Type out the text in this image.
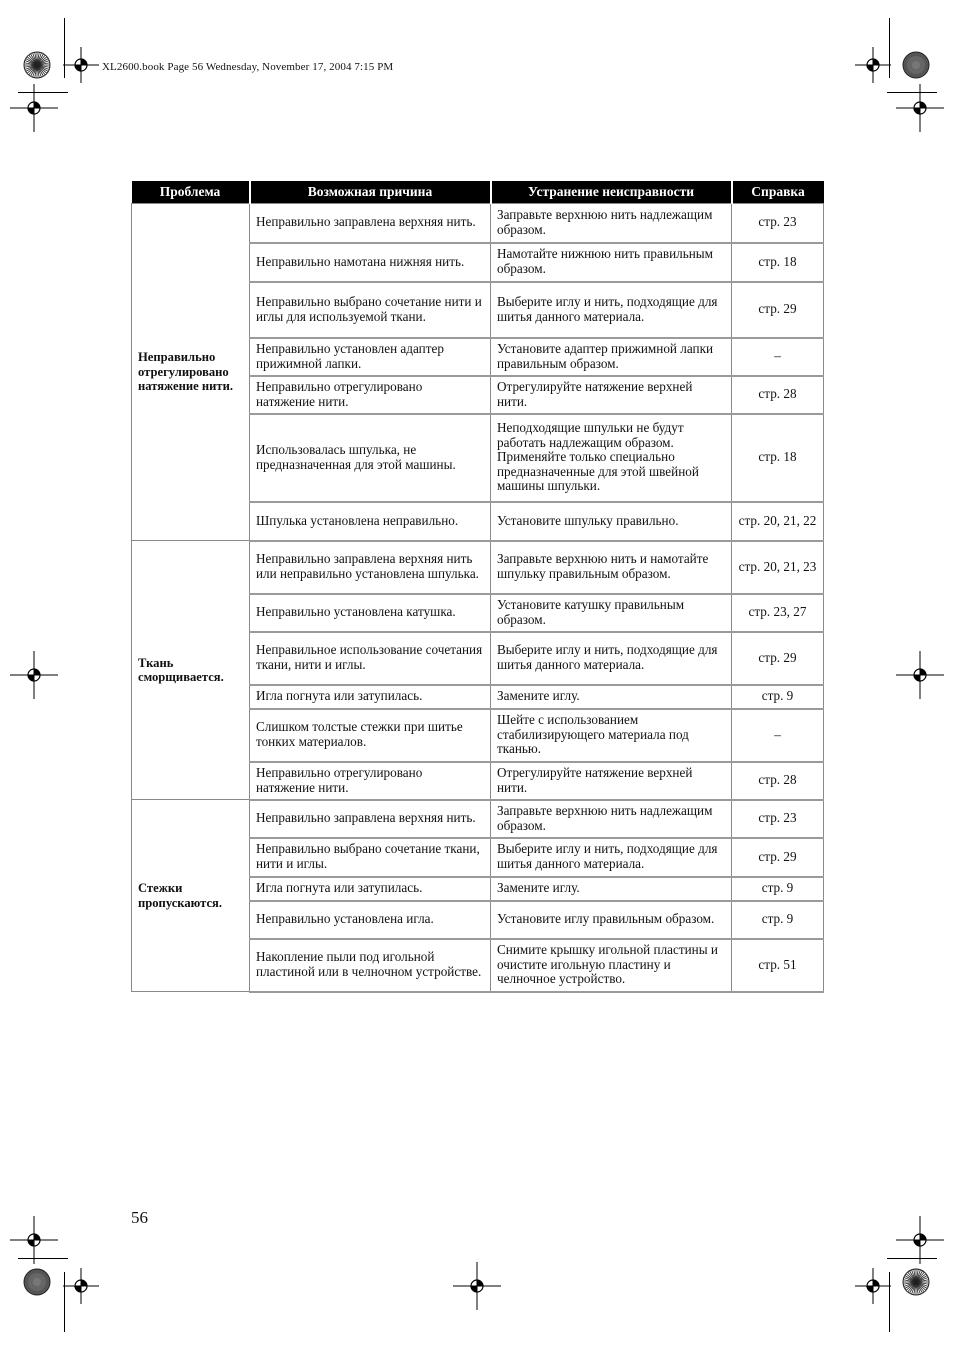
XL2600.book Page 56 Wednesday, November 17, 2004 7:15 PM
Проблема	Возможная причина	Устранение неисправности	Справка
Неправильно отрегулировано натяжение нити.	Неправильно заправлена верхняя нить.	Заправьте верхнюю нить надлежащим образом.	стр. 23
	Неправильно намотана нижняя нить.	Намотайте нижнюю нить правильным образом.	стр. 18
	Неправильно выбрано сочетание нити и иглы для используемой ткани.	Выберите иглу и нить, подходящие для шитья данного материала.	стр. 29
	Неправильно установлен адаптер прижимной лапки.	Установите адаптер прижимной лапки правильным образом.	–
	Неправильно отрегулировано натяжение нити.	Отрегулируйте натяжение верхней нити.	стр. 28
	Использовалась шпулька, не предназначенная для этой машины.	Неподходящие шпульки не будут работать надлежащим образом. Применяйте только специально предназначенные для этой швейной машины шпульки.	стр. 18
	Шпулька установлена неправильно.	Установите шпульку правильно.	стр. 20, 21, 22
Ткань сморщивается.	Неправильно заправлена верхняя нить или неправильно установлена шпулька.	Заправьте верхнюю нить и намотайте шпульку правильным образом.	стр. 20, 21, 23
	Неправильно установлена катушка.	Установите катушку правильным образом.	стр. 23, 27
	Неправильное использование сочетания ткани, нити и иглы.	Выберите иглу и нить, подходящие для шитья данного материала.	стр. 29
	Игла погнута или затупилась.	Замените иглу.	стр. 9
	Слишком толстые стежки при шитье тонких материалов.	Шейте с использованием стабилизирующего материала под тканью.	–
	Неправильно отрегулировано натяжение нити.	Отрегулируйте натяжение верхней нити.	стр. 28
Стежки пропускаются.	Неправильно заправлена верхняя нить.	Заправьте верхнюю нить надлежащим образом.	стр. 23
	Неправильно выбрано сочетание ткани, нити и иглы.	Выберите иглу и нить, подходящие для шитья данного материала.	стр. 29
	Игла погнута или затупилась.	Замените иглу.	стр. 9
	Неправильно установлена игла.	Установите иглу правильным образом.	стр. 9
	Накопление пыли под игольной пластиной или в челночном устройстве.	Снимите крышку игольной пластины и очистите игольную пластину и челночное устройство.	стр. 51
56
